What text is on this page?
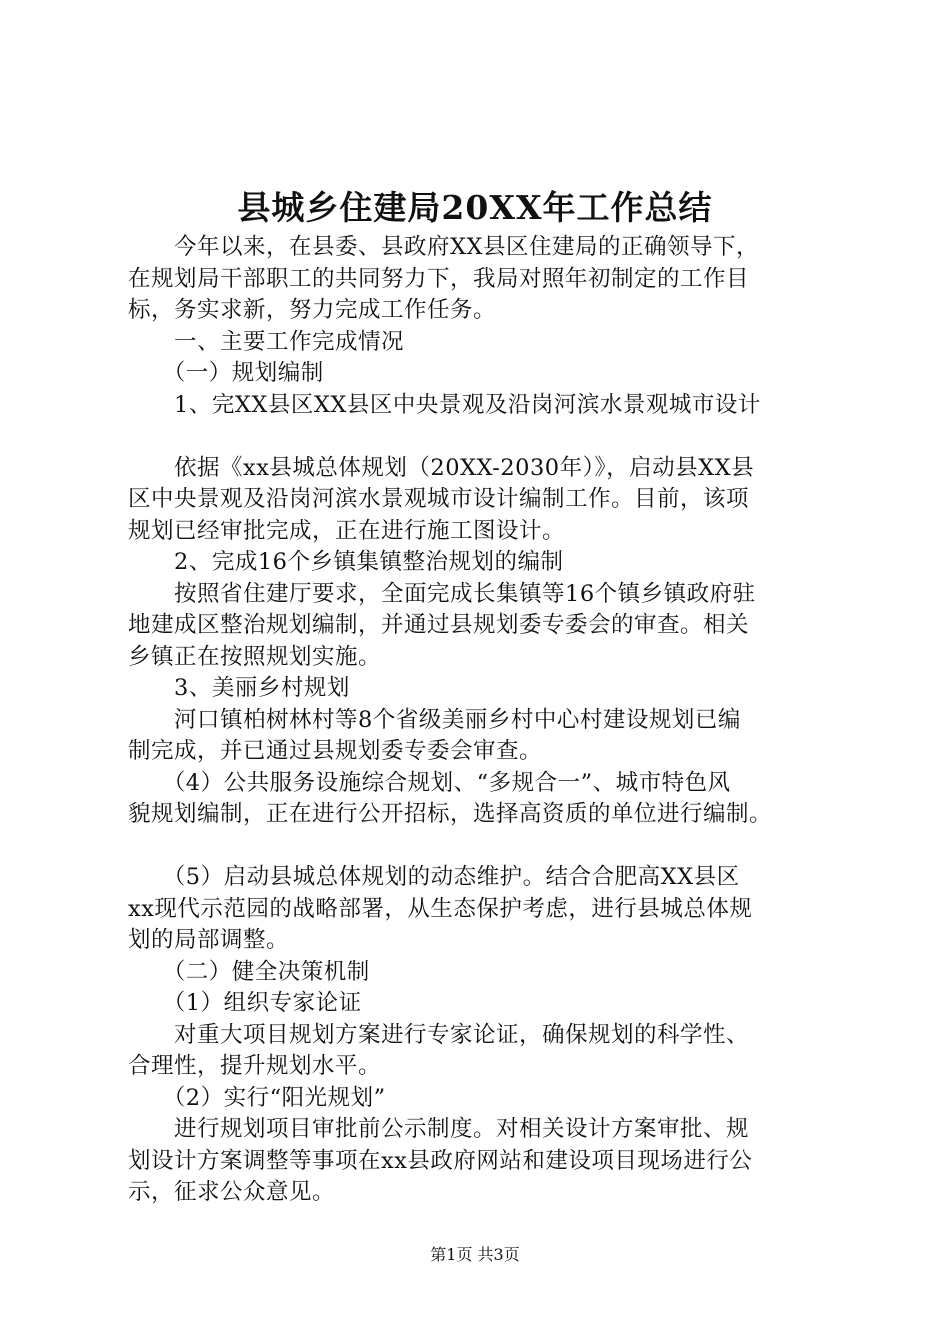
县城乡住建局20XX年工作总结

　　今年以来，在县委、县政府XX县区住建局的正确领导下，

在规划局干部职工的共同努力下，我局对照年初制定的工作目

标，务实求新，努力完成工作任务。

　　一、主要工作完成情况

　　（一）规划编制

　　1、完XX县区XX县区中央景观及沿岗河滨水景观城市设计

　　依据《xx县城总体规划（20XX-2030年）》，启动县XX县

区中央景观及沿岗河滨水景观城市设计编制工作。目前，该项

规划已经审批完成，正在进行施工图设计。

　　2、完成16个乡镇集镇整治规划的编制

　　按照省住建厅要求，全面完成长集镇等16个镇乡镇政府驻

地建成区整治规划编制，并通过县规划委专委会的审查。相关

乡镇正在按照规划实施。

　　3、美丽乡村规划

　　河口镇柏树林村等8个省级美丽乡村中心村建设规划已编

制完成，并已通过县规划委专委会审查。

　　（4）公共服务设施综合规划、“多规合一”、城市特色风

貌规划编制，正在进行公开招标，选择高资质的单位进行编制。

　　（5）启动县城总体规划的动态维护。结合合肥高XX县区

xx现代示范园的战略部署，从生态保护考虑，进行县城总体规

划的局部调整。

　　（二）健全决策机制

　　（1）组织专家论证

　　对重大项目规划方案进行专家论证，确保规划的科学性、

合理性，提升规划水平。

　　（2）实行“阳光规划”

　　进行规划项目审批前公示制度。对相关设计方案审批、规

划设计方案调整等事项在xx县政府网站和建设项目现场进行公

示，征求公众意见。

第1页 共3页
